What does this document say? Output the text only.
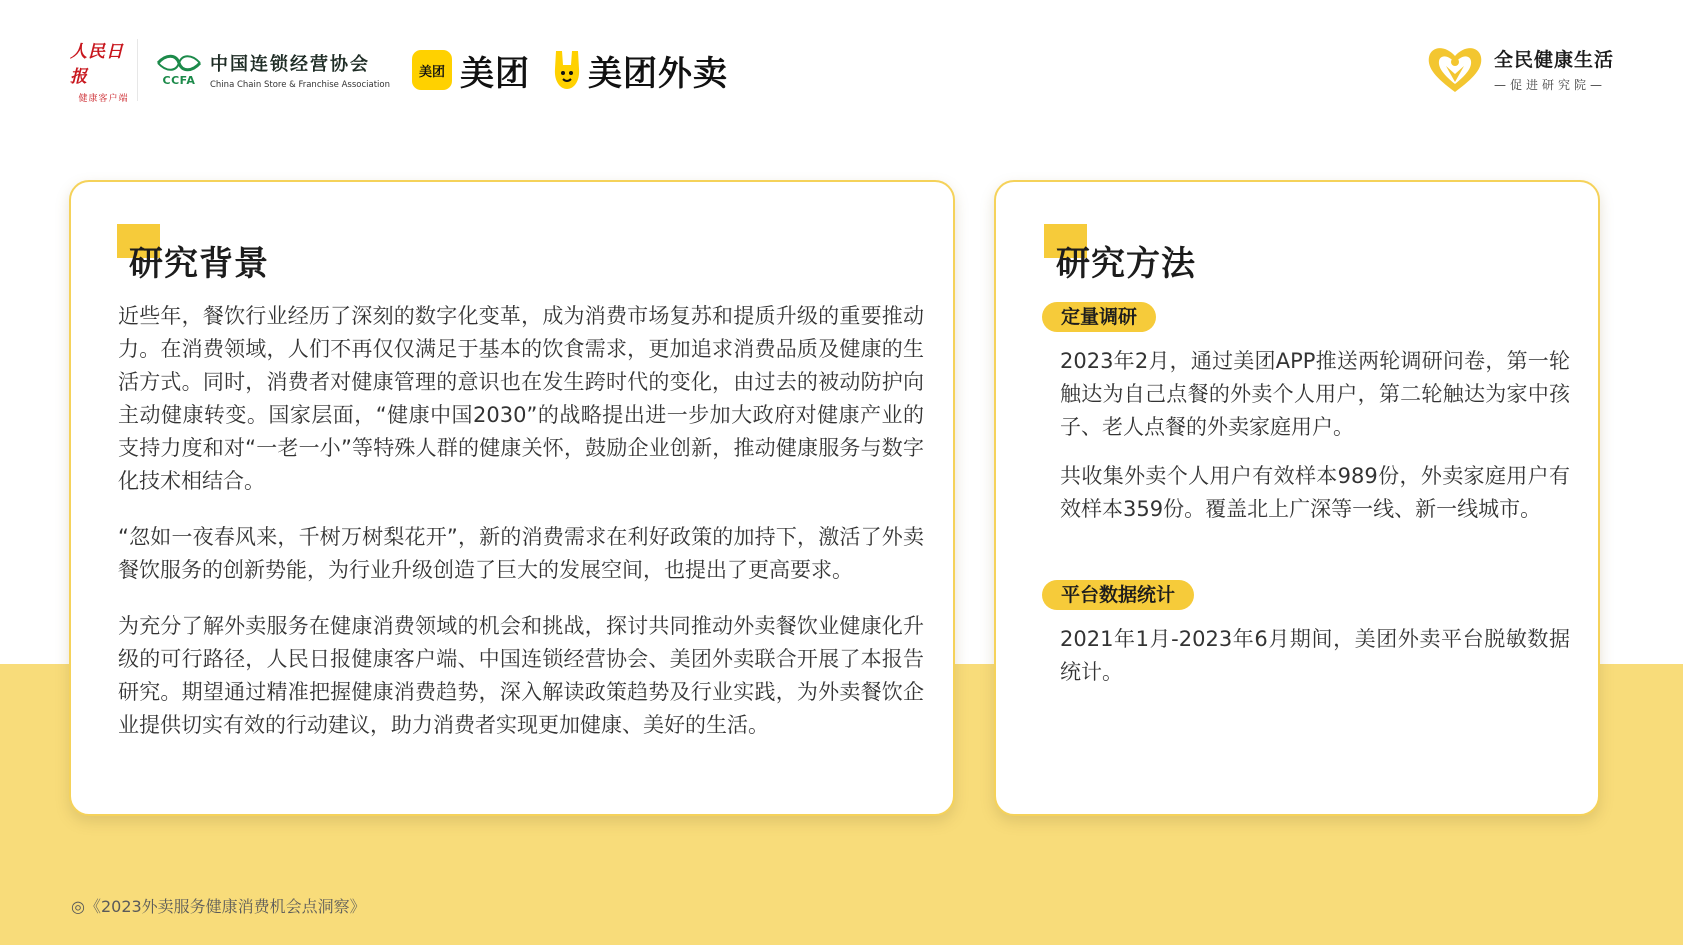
人民日报
健康客户端
CCFA
中国连锁经营协会
China Chain Store & Franchise Association
美团 美团 美团外卖	全民健康生活
—促进研究院—
研究背景

近些年，餐饮行业经历了深刻的数字化变革，成为消费市场复苏和提质升级的重要推动力。在消费领域，人们不再仅仅满足于基本的饮食需求，更加追求消费品质及健康的生活方式。同时，消费者对健康管理的意识也在发生跨时代的变化，由过去的被动防护向主动健康转变。国家层面，“健康中国2030”的战略提出进一步加大政府对健康产业的支持力度和对“一老一小”等特殊人群的健康关怀，鼓励企业创新，推动健康服务与数字化技术相结合。

“忽如一夜春风来，千树万树梨花开”，新的消费需求在利好政策的加持下，激活了外卖餐饮服务的创新势能，为行业升级创造了巨大的发展空间，也提出了更高要求。

为充分了解外卖服务在健康消费领域的机会和挑战，探讨共同推动外卖餐饮业健康化升级的可行路径，人民日报健康客户端、中国连锁经营协会、美团外卖联合开展了本报告研究。期望通过精准把握健康消费趋势，深入解读政策趋势及行业实践，为外卖餐饮企业提供切实有效的行动建议，助力消费者实现更加健康、美好的生活。

研究方法
定量调研

2023年2月，通过美团APP推送两轮调研问卷，第一轮触达为自己点餐的外卖个人用户，第二轮触达为家中孩子、老人点餐的外卖家庭用户。

共收集外卖个人用户有效样本989份，外卖家庭用户有效样本359份。覆盖北上广深等一线、新一线城市。

平台数据统计

2021年1月-2023年6月期间，美团外卖平台脱敏数据统计。

◎《2023外卖服务健康消费机会点洞察》
